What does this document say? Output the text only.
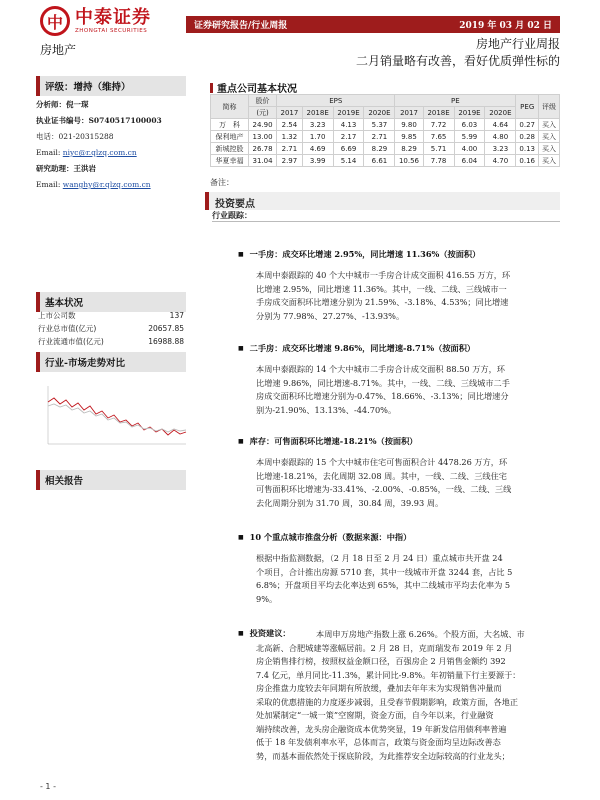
中 中泰证券
ZHONGTAI SECURITIES	证券研究报告/行业周报	2019 年 03 月 02 日
房地产	房地产行业周报
二月销量略有改善，看好优质弹性标的
评级：增持（维持）
分析师：倪一琛
执业证书编号：S0740517100003
电话：021-20315288
Email: niyc@r.qlzq.com.cn
研究助理：王洪岩
Email: wanghy@r.qlzq.com.cn
基本状况
上市公司数	137
行业总市值(亿元)	20657.85
行业流通市值(亿元)	16988.88
行业-市场走势对比
相关报告
重点公司基本状况
简称	股价	EPS				PE				PEG	评级
	(元)	2017	2018E	2019E	2020E	2017	2018E	2019E	2020E		
万　科	24.90	2.54	3.23	4.13	5.37	9.80	7.72	6.03	4.64	0.27	买入
保利地产	13.00	1.32	1.70	2.17	2.71	9.85	7.65	5.99	4.80	0.28	买入
新城控股	26.78	2.71	4.69	6.69	8.29	8.29	5.71	4.00	3.23	0.13	买入
华夏幸福	31.04	2.97	3.99	5.14	6.61	10.56	7.78	6.04	4.70	0.16	买入
备注：
投资要点
行业跟踪：
■ 一手房：成交环比增速 2.95%，同比增速 11.36%（按面积）
本周中泰跟踪的 40 个大中城市一手房合计成交面积 416.55 万方，环
比增速 2.95%，同比增速 11.36%。其中，一线、二线、三线城市一
手房成交面积环比增速分别为 21.59%、-3.18%、4.53%；同比增速
分别为 77.98%、27.27%、-13.93%。
■ 二手房：成交环比增速 9.86%，同比增速-8.71%（按面积）
本周中泰跟踪的 14 个大中城市二手房合计成交面积 88.50 万方，环
比增速 9.86%，同比增速-8.71%。其中，一线、二线、三线城市二手
房成交面积环比增速分别为-0.47%、18.66%、-3.13%；同比增速分
别为-21.90%、13.13%、-44.70%。
■ 库存：可售面积环比增速-18.21%（按面积）
本周中泰跟踪的 15 个大中城市住宅可售面积合计 4478.26 万方，环
比增速-18.21%，去化周期 32.08 周。其中，一线、二线、三线住宅
可售面积环比增速为-33.41%、-2.00%、-0.85%，一线、二线、三线
去化周期分别为 31.70 周，30.84 周，39.93 周。
■ 10 个重点城市推盘分析（数据来源：中指）
根据中指监测数据，（2 月 18 日至 2 月 24 日）重点城市共开盘 24
个项目，合计推出房源 5710 套，其中一线城市开盘 3244 套，占比 5
6.8%；开盘项目平均去化率达到 65%，其中二线城市平均去化率为 5
9%。
■ 投资建议：	本周申万房地产指数上涨 6.26%。个股方面，大名城、市
北高新、合肥城建等涨幅居前。2 月 28 日，克而瑞发布 2019 年 2 月
房企销售排行榜，按照权益金额口径，百强房企 2 月销售金额约 392
7.4 亿元，单月同比-11.3%，累计同比-9.8%。年初销量下行主要源于：
房企推盘力度较去年同期有所放缓，叠加去年年末为实现销售冲量而
采取的优惠措施的力度逐步减弱，且受春节假期影响，政策方面，各地正
处加紧制定“一城一策”空窗期，资金方面，自今年以来，行业融资
端持续改善，龙头房企融资成本优势突显，19 年新发信用债利率普遍
低于 18 年发债利率水平，总体而言，政策与资金面均呈边际改善态
势，而基本面依然处于探底阶段，为此推荐安全边际较高的行业龙头；
- 1 -
